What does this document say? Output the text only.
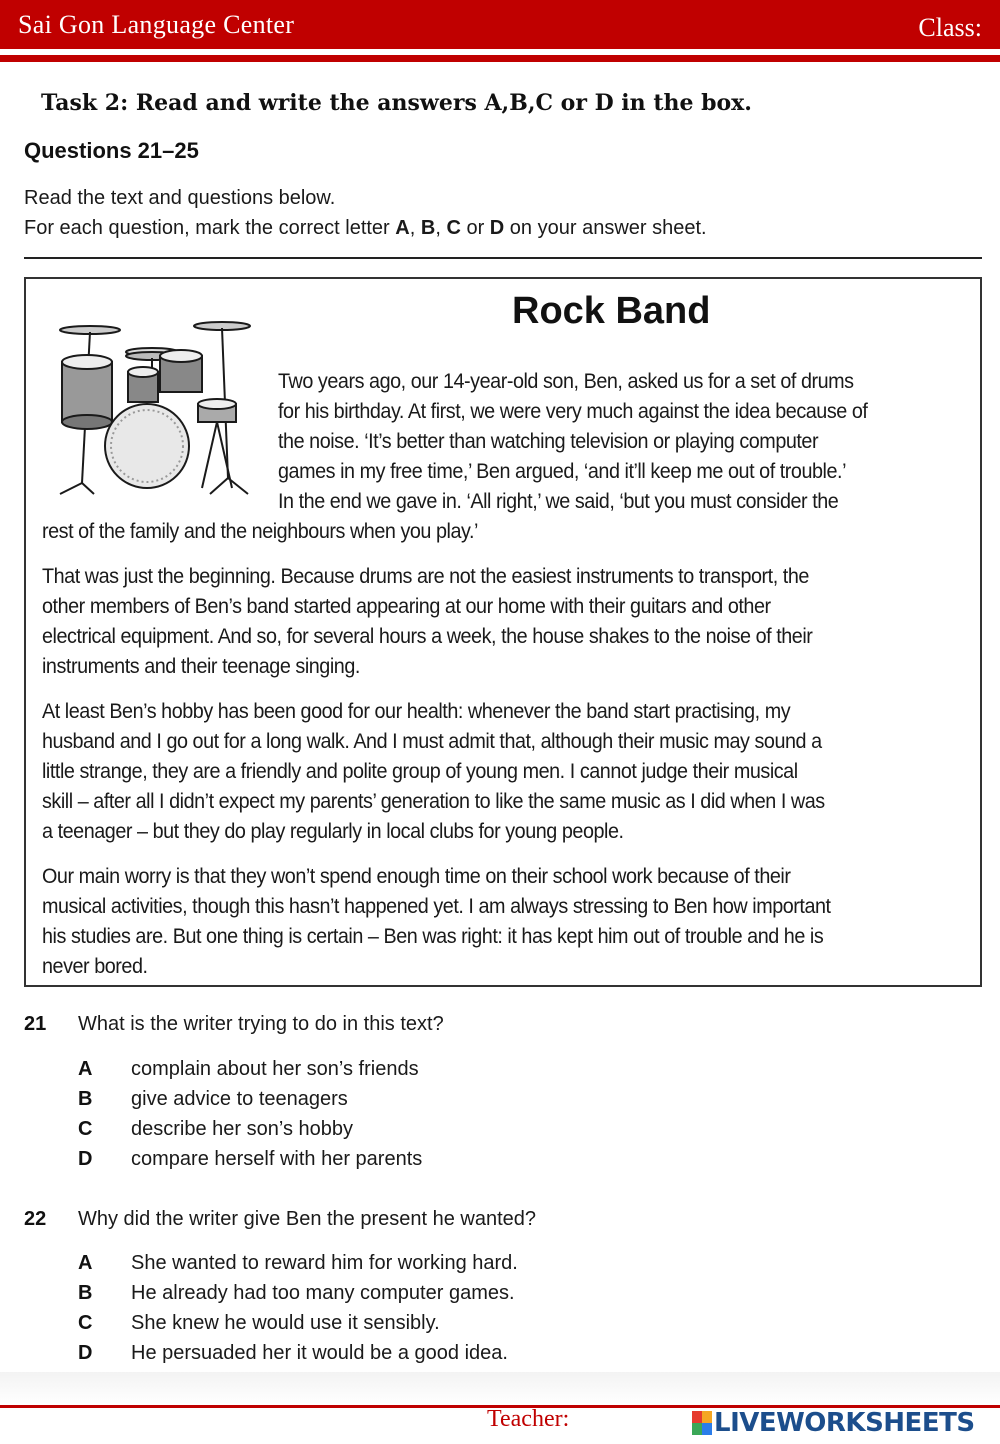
Sai Gon Language Center	Class:
Task 2: Read and write the answers A,B,C or D in the box.
Questions 21–25
Read the text and questions below.
For each question, mark the correct letter A, B, C or D on your answer sheet.
Rock Band
Two years ago, our 14-year-old son, Ben, asked us for a set of drums
for his birthday. At first, we were very much against the idea because of
the noise. ‘It’s better than watching television or playing computer
games in my free time,’ Ben argued, ‘and it’ll keep me out of trouble.’
In the end we gave in. ‘All right,’ we said, ‘but you must consider the
rest of the family and the neighbours when you play.’
That was just the beginning. Because drums are not the easiest instruments to transport, the
other members of Ben’s band started appearing at our home with their guitars and other
electrical equipment. And so, for several hours a week, the house shakes to the noise of their
instruments and their teenage singing.
At least Ben’s hobby has been good for our health: whenever the band start practising, my
husband and I go out for a long walk. And I must admit that, although their music may sound a
little strange, they are a friendly and polite group of young men. I cannot judge their musical
skill – after all I didn’t expect my parents’ generation to like the same music as I did when I was
a teenager – but they do play regularly in local clubs for young people.
Our main worry is that they won’t spend enough time on their school work because of their
musical activities, though this hasn’t happened yet. I am always stressing to Ben how important
his studies are. But one thing is certain – Ben was right: it has kept him out of trouble and he is
never bored.
21 What is the writer trying to do in this text?
A complain about her son’s friends
B give advice to teenagers
C describe her son’s hobby
D compare herself with her parents
22 Why did the writer give Ben the present he wanted?
A She wanted to reward him for working hard.
B He already had too many computer games.
C She knew he would use it sensibly.
D He persuaded her it would be a good idea.
Teacher:	LIVEWORKSHEETS
